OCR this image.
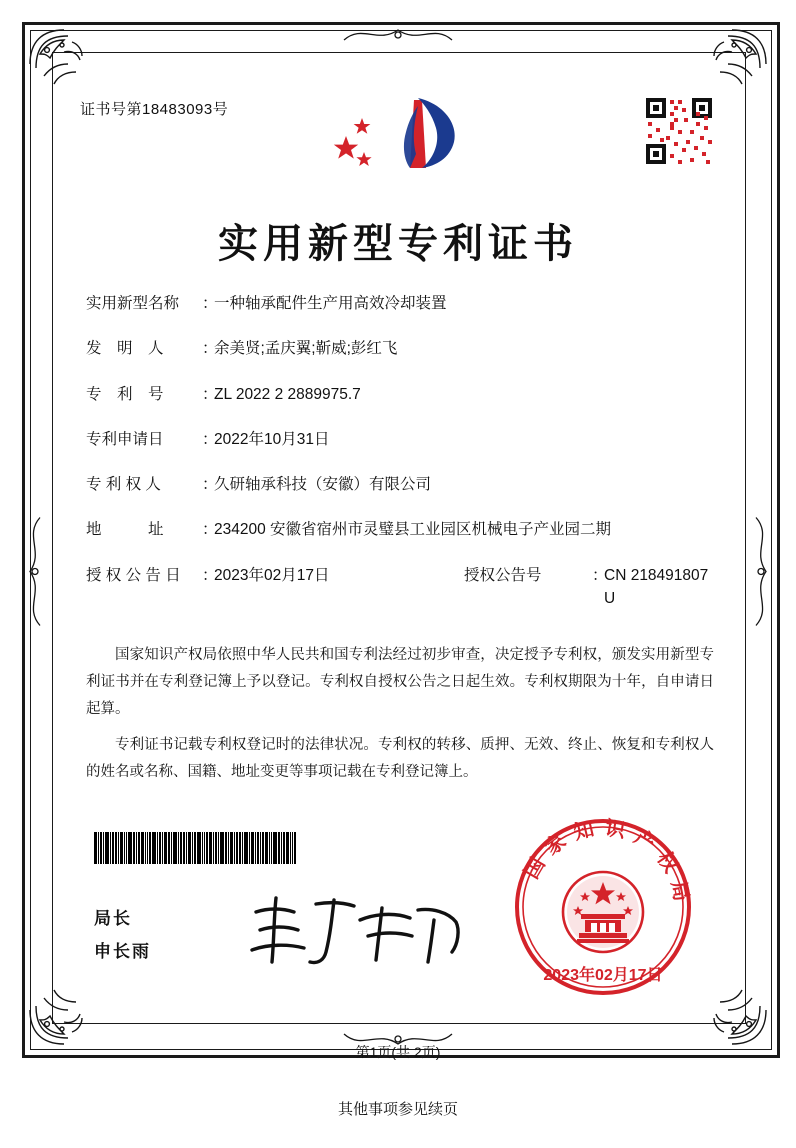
证书号第18483093号
实用新型专利证书
实用新型名称	：
一种轴承配件生产用高效冷却装置
发　明　人	：
余美贤;孟庆翼;靳威;彭红飞
专　利　号	：
ZL 2022 2 2889975.7
专利申请日	：
2022年10月31日
专 利 权 人	：
久研轴承科技（安徽）有限公司
地　　　址	：
234200 安徽省宿州市灵璧县工业园区机械电子产业园二期
授 权 公 告 日	：
2023年02月17日	授权公告号	：
CN 218491807 U

国家知识产权局依照中华人民共和国专利法经过初步审查，决定授予专利权，颁发实用新型专利证书并在专利登记簿上予以登记。专利权自授权公告之日起生效。专利权期限为十年，自申请日起算。

专利证书记载专利权登记时的法律状况。专利权的转移、质押、无效、终止、恢复和专利权人的姓名或名称、国籍、地址变更等事项记载在专利登记簿上。

局长
申长雨
国 家 知 识 产 权 局
2023年02月17日
第1页(共 2页)
其他事项参见续页
